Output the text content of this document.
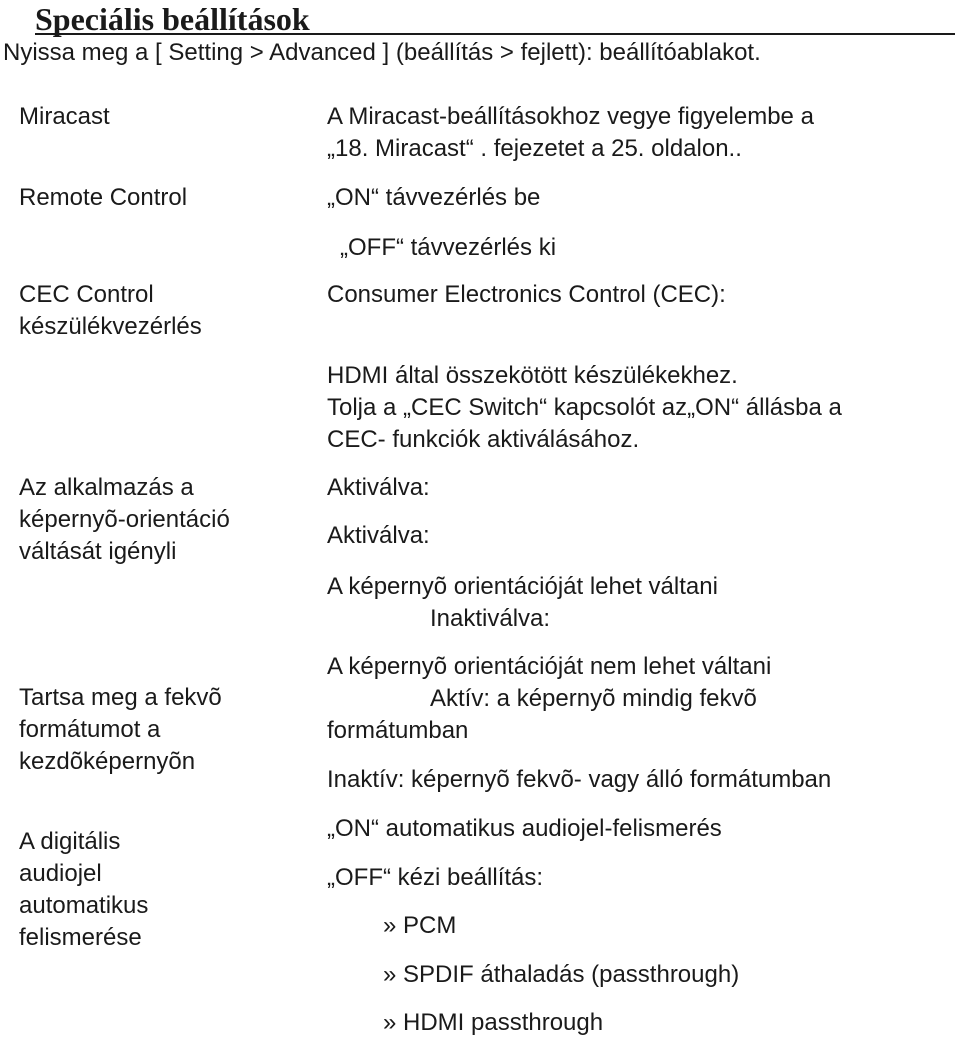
Speciális beállítások
Nyissa meg a [ Setting > Advanced ] (beállítás > fejlett): beállítóablakot.
Miracast
Remote Control
CEC Control
készülékvezérlés
Az alkalmazás a
képernyõ-orientáció
váltását igényli
Tartsa meg a fekvõ
formátumot a
kezdõképernyõn
A digitális
audiojel
automatikus
felismerése
A Miracast-beállításokhoz vegye figyelembe a
„18. Miracast“ . fejezetet a 25. oldalon..
„ON“ távvezérlés be
„OFF“ távvezérlés ki
Consumer Electronics Control (CEC):
HDMI által összekötött készülékekhez.
Tolja a „CEC Switch“ kapcsolót az„ON“ állásba a
CEC- funkciók aktiválásához.
Aktiválva:
Aktiválva:
A képernyõ orientációját lehet váltani
Inaktiválva:
A képernyõ orientációját nem lehet váltani
Aktív: a képernyõ mindig fekvõ
formátumban
Inaktív: képernyõ fekvõ- vagy álló formátumban
„ON“ automatikus audiojel-felismerés
„OFF“ kézi beállítás:
» PCM
» SPDIF áthaladás (passthrough)
» HDMI passthrough
